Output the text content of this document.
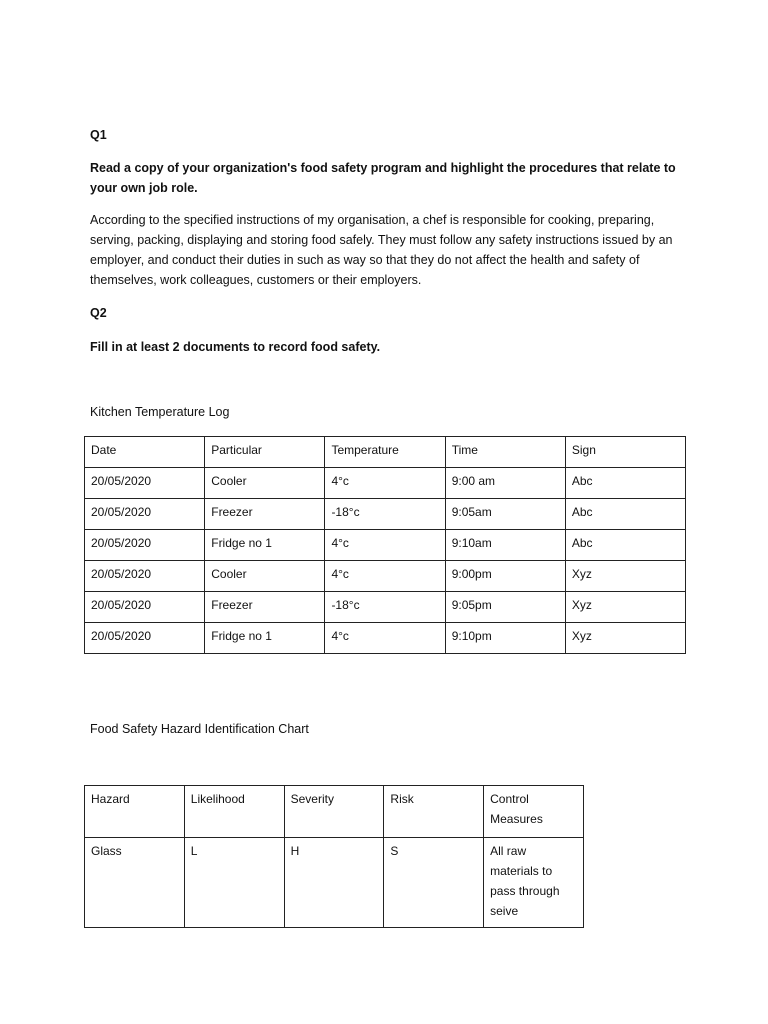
Q1

Read a copy of your organization's food safety program and highlight the procedures that relate to your own job role.

According to the specified instructions of my organisation, a chef is responsible for cooking, preparing, serving, packing, displaying and storing food safely. They must follow any safety instructions issued by an employer, and conduct their duties in such as way so that they do not affect the health and safety of themselves, work colleagues, customers or their employers.

Q2

Fill in at least 2 documents to record food safety.

Kitchen Temperature Log

Date	Particular	Temperature	Time	Sign
20/05/2020	Cooler	4°c	9:00 am	Abc
20/05/2020	Freezer	-18°c	9:05am	Abc
20/05/2020	Fridge no 1	4°c	9:10am	Abc
20/05/2020	Cooler	4°c	9:00pm	Xyz
20/05/2020	Freezer	-18°c	9:05pm	Xyz
20/05/2020	Fridge no 1	4°c	9:10pm	Xyz

Food Safety Hazard Identification Chart

Hazard	Likelihood	Severity	Risk	Control Measures
Glass	L	H	S	All raw materials to pass through seive
